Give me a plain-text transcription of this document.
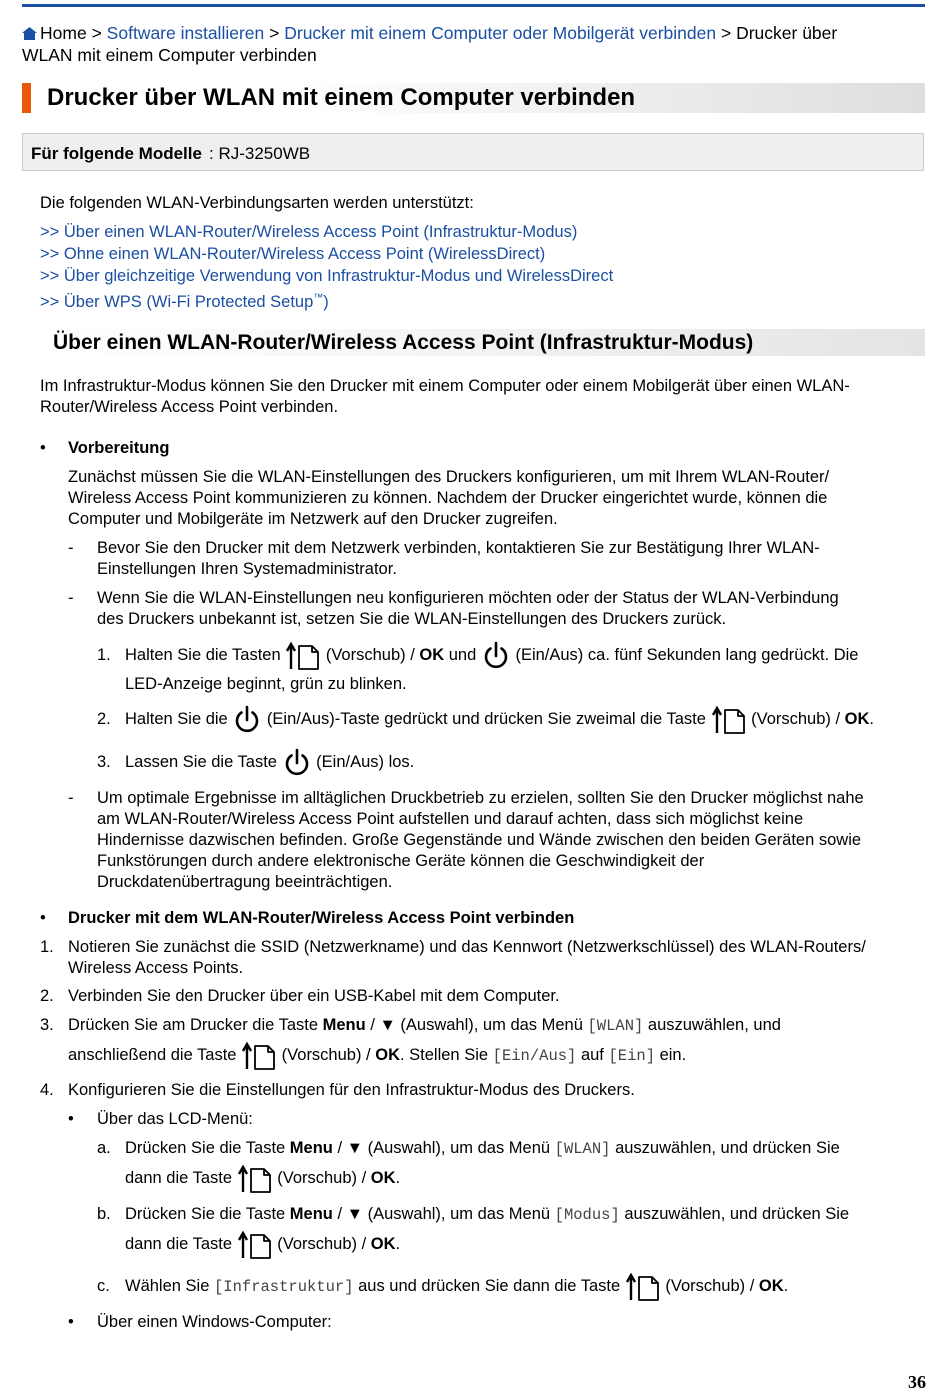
Home > Software installieren > Drucker mit einem Computer oder Mobilgerät verbinden > Drucker über
WLAN mit einem Computer verbinden
Drucker über WLAN mit einem Computer verbinden
Für folgende Modelle : RJ-3250WB
Die folgenden WLAN-Verbindungsarten werden unterstützt:
>> Über einen WLAN-Router/Wireless Access Point (Infrastruktur-Modus)
>> Ohne einen WLAN-Router/Wireless Access Point (WirelessDirect)
>> Über gleichzeitige Verwendung von Infrastruktur-Modus und WirelessDirect
>> Über WPS (Wi-Fi Protected Setup™)
Über einen WLAN-Router/Wireless Access Point (Infrastruktur-Modus)
Im Infrastruktur-Modus können Sie den Drucker mit einem Computer oder einem Mobilgerät über einen WLAN-
Router/Wireless Access Point verbinden.
• Vorbereitung
Zunächst müssen Sie die WLAN-Einstellungen des Druckers konfigurieren, um mit Ihrem WLAN-Router/
Wireless Access Point kommunizieren zu können. Nachdem der Drucker eingerichtet wurde, können die
Computer und Mobilgeräte im Netzwerk auf den Drucker zugreifen.
- Bevor Sie den Drucker mit dem Netzwerk verbinden, kontaktieren Sie zur Bestätigung Ihrer WLAN-
Einstellungen Ihren Systemadministrator.
- Wenn Sie die WLAN-Einstellungen neu konfigurieren möchten oder der Status der WLAN-Verbindung
des Druckers unbekannt ist, setzen Sie die WLAN-Einstellungen des Druckers zurück.
1. Halten Sie die Tasten	(Vorschub) / OK und (Ein/Aus) ca. fünf Sekunden lang gedrückt. Die
LED-Anzeige beginnt, grün zu blinken.
2. Halten Sie die (Ein/Aus)-Taste gedrückt und drücken Sie zweimal die Taste	(Vorschub) / OK.
3. Lassen Sie die Taste (Ein/Aus) los.
- Um optimale Ergebnisse im alltäglichen Druckbetrieb zu erzielen, sollten Sie den Drucker möglichst nahe
am WLAN-Router/Wireless Access Point aufstellen und darauf achten, dass sich möglichst keine
Hindernisse dazwischen befinden. Große Gegenstände und Wände zwischen den beiden Geräten sowie
Funkstörungen durch andere elektronische Geräte können die Geschwindigkeit der
Druckdatenübertragung beeinträchtigen.
• Drucker mit dem WLAN-Router/Wireless Access Point verbinden
1. Notieren Sie zunächst die SSID (Netzwerkname) und das Kennwort (Netzwerkschlüssel) des WLAN-Routers/
Wireless Access Points.
2. Verbinden Sie den Drucker über ein USB-Kabel mit dem Computer.
3. Drücken Sie am Drucker die Taste Menu / ▼ (Auswahl), um das Menü [WLAN] auszuwählen, und
anschließend die Taste	(Vorschub) / OK. Stellen Sie [Ein/Aus] auf [Ein] ein.
4. Konfigurieren Sie die Einstellungen für den Infrastruktur-Modus des Druckers.
• Über das LCD-Menü:
a. Drücken Sie die Taste Menu / ▼ (Auswahl), um das Menü [WLAN] auszuwählen, und drücken Sie
dann die Taste	(Vorschub) / OK.
b. Drücken Sie die Taste Menu / ▼ (Auswahl), um das Menü [Modus] auszuwählen, und drücken Sie
dann die Taste	(Vorschub) / OK.
c. Wählen Sie [Infrastruktur] aus und drücken Sie dann die Taste	(Vorschub) / OK.
• Über einen Windows-Computer:
36
